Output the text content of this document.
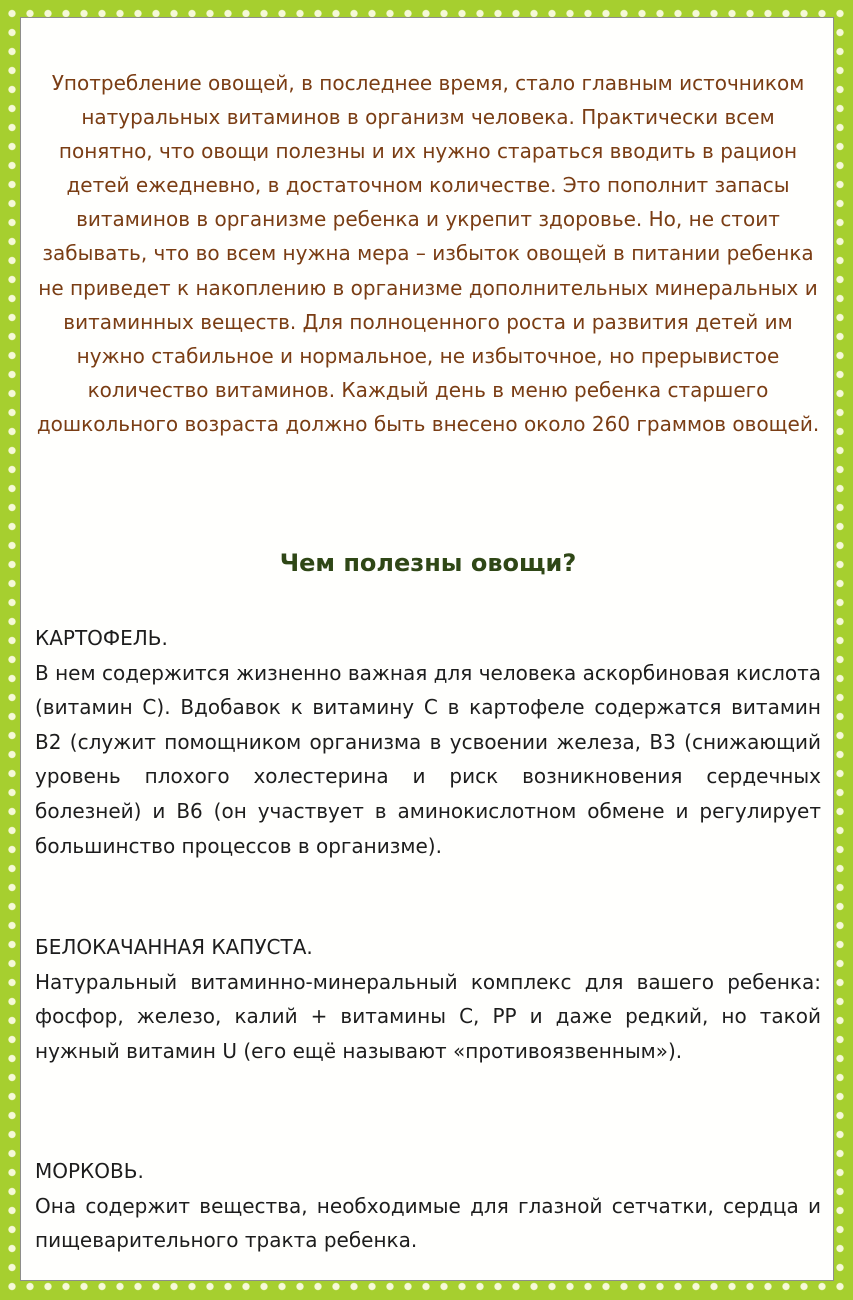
Употребление овощей, в последнее время, стало главным источником натуральных витаминов в организм человека. Практически всем понятно, что овощи полезны и их нужно стараться вводить в рацион детей ежедневно, в достаточном количестве. Это пополнит запасы витаминов в организме ребенка и укрепит здоровье. Но, не стоит забывать, что во всем нужна мера – избыток овощей в питании ребенка не приведет к накоплению в организме дополнительных минеральных и витаминных веществ. Для полноценного роста и развития детей им нужно стабильное и нормальное, не избыточное, но прерывистое количество витаминов. Каждый день в меню ребенка старшего дошкольного возраста должно быть внесено около 260 граммов овощей.

Чем полезны овощи?
КАРТОФЕЛЬ.

В нем содержится жизненно важная для человека аскорбиновая кислота (витамин С). Вдобавок к витамину С в картофеле содержатся витамин В2 (служит помощником организма в усвоении железа, В3 (снижающий уровень плохого холестерина и риск возникновения сердечных болезней) и В6 (он участвует в аминокислотном обмене и регулирует большинство процессов в организме).

БЕЛОКАЧАННАЯ КАПУСТА.

Натуральный витаминно-минеральный комплекс для вашего ребенка: фосфор, железо, калий + витамины С, РР и даже редкий, но такой нужный витамин U (его ещё называют «противоязвенным»).

МОРКОВЬ.

Она содержит вещества, необходимые для глазной сетчатки, сердца и пищеварительного тракта ребенка.
